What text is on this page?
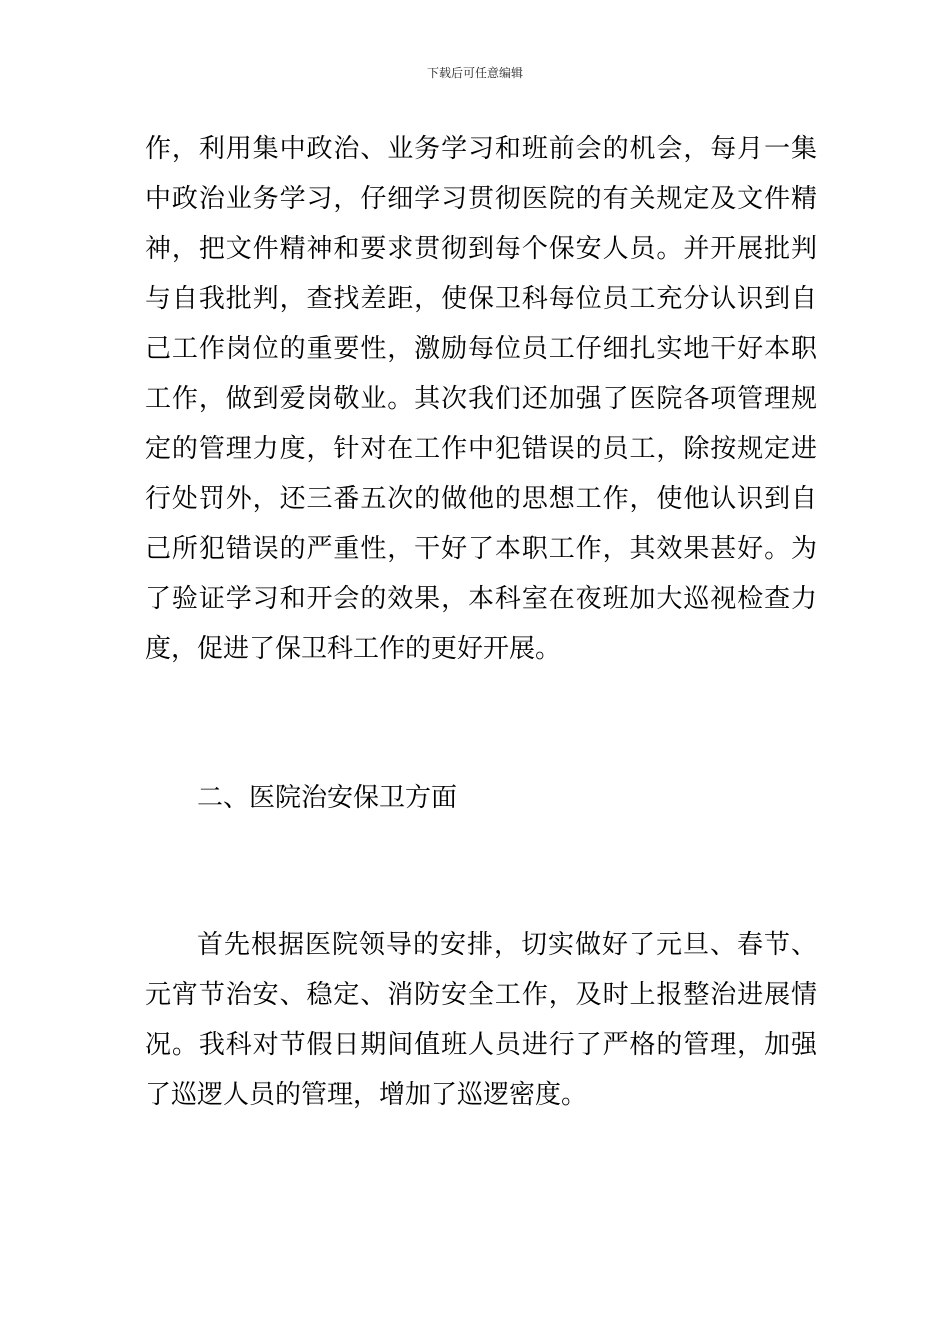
下载后可任意编辑

作，利用集中政治、业务学习和班前会的机会，每月一集中政治业务学习，仔细学习贯彻医院的有关规定及文件精神，把文件精神和要求贯彻到每个保安人员。并开展批判与自我批判，查找差距，使保卫科每位员工充分认识到自己工作岗位的重要性，激励每位员工仔细扎实地干好本职工作，做到爱岗敬业。其次我们还加强了医院各项管理规定的管理力度，针对在工作中犯错误的员工，除按规定进行处罚外，还三番五次的做他的思想工作，使他认识到自己所犯错误的严重性，干好了本职工作，其效果甚好。为了验证学习和开会的效果，本科室在夜班加大巡视检查力度，促进了保卫科工作的更好开展。

二、医院治安保卫方面

首先根据医院领导的安排，切实做好了元旦、春节、元宵节治安、稳定、消防安全工作，及时上报整治进展情况。我科对节假日期间值班人员进行了严格的管理，加强了巡逻人员的管理，增加了巡逻密度。
